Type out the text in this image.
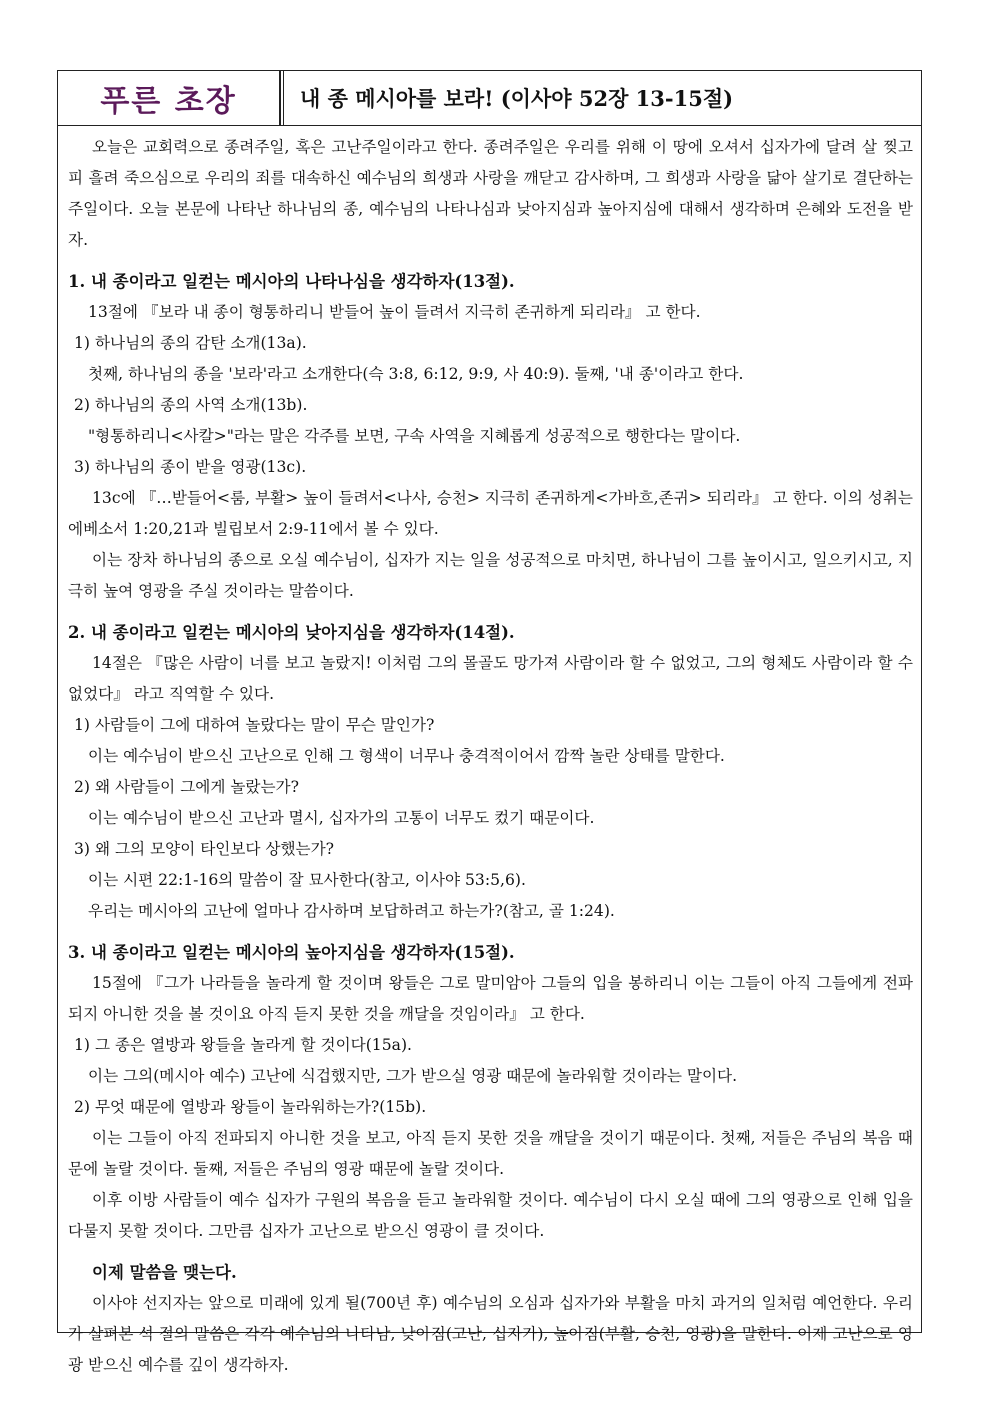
푸른 초장	내 종 메시아를 보라! (이사야 52장 13-15절)

오늘은 교회력으로 종려주일, 혹은 고난주일이라고 한다. 종려주일은 우리를 위해 이 땅에 오셔서 십자가에 달려 살 찢고 피 흘려 죽으심으로 우리의 죄를 대속하신 예수님의 희생과 사랑을 깨닫고 감사하며, 그 희생과 사랑을 닮아 살기로 결단하는 주일이다. 오늘 본문에 나타난 하나님의 종, 예수님의 나타나심과 낮아지심과 높아지심에 대해서 생각하며 은혜와 도전을 받자.

1. 내 종이라고 일컫는 메시아의 나타나심을 생각하자(13절).

13절에 『보라 내 종이 형통하리니 받들어 높이 들려서 지극히 존귀하게 되리라』 고 한다.

1) 하나님의 종의 감탄 소개(13a).

첫째, 하나님의 종을 '보라'라고 소개한다(슥 3:8, 6:12, 9:9, 사 40:9). 둘째, '내 종'이라고 한다.

2) 하나님의 종의 사역 소개(13b).

"형통하리니<사칼>"라는 말은 각주를 보면, 구속 사역을 지혜롭게 성공적으로 행한다는 말이다.

3) 하나님의 종이 받을 영광(13c).

13c에 『…받들어<룸, 부활> 높이 들려서<나사, 승천> 지극히 존귀하게<가바흐,존귀> 되리라』 고 한다. 이의 성취는 에베소서 1:20,21과 빌립보서 2:9-11에서 볼 수 있다.

이는 장차 하나님의 종으로 오실 예수님이, 십자가 지는 일을 성공적으로 마치면, 하나님이 그를 높이시고, 일으키시고, 지극히 높여 영광을 주실 것이라는 말씀이다.

2. 내 종이라고 일컫는 메시아의 낮아지심을 생각하자(14절).

14절은 『많은 사람이 너를 보고 놀랐지! 이처럼 그의 몰골도 망가져 사람이라 할 수 없었고, 그의 형체도 사람이라 할 수 없었다』 라고 직역할 수 있다.

1) 사람들이 그에 대하여 놀랐다는 말이 무슨 말인가?

이는 예수님이 받으신 고난으로 인해 그 형색이 너무나 충격적이어서 깜짝 놀란 상태를 말한다.

2) 왜 사람들이 그에게 놀랐는가?

이는 예수님이 받으신 고난과 멸시, 십자가의 고통이 너무도 컸기 때문이다.

3) 왜 그의 모양이 타인보다 상했는가?

이는 시편 22:1-16의 말씀이 잘 묘사한다(참고, 이사야 53:5,6).

우리는 메시아의 고난에 얼마나 감사하며 보답하려고 하는가?(참고, 골 1:24).

3. 내 종이라고 일컫는 메시아의 높아지심을 생각하자(15절).

15절에 『그가 나라들을 놀라게 할 것이며 왕들은 그로 말미암아 그들의 입을 봉하리니 이는 그들이 아직 그들에게 전파되지 아니한 것을 볼 것이요 아직 듣지 못한 것을 깨달을 것임이라』 고 한다.

1) 그 종은 열방과 왕들을 놀라게 할 것이다(15a).

이는 그의(메시아 예수) 고난에 식겁했지만, 그가 받으실 영광 때문에 놀라워할 것이라는 말이다.

2) 무엇 때문에 열방과 왕들이 놀라워하는가?(15b).

이는 그들이 아직 전파되지 아니한 것을 보고, 아직 듣지 못한 것을 깨달을 것이기 때문이다. 첫째, 저들은 주님의 복음 때문에 놀랄 것이다. 둘째, 저들은 주님의 영광 때문에 놀랄 것이다.

이후 이방 사람들이 예수 십자가 구원의 복음을 듣고 놀라워할 것이다. 예수님이 다시 오실 때에 그의 영광으로 인해 입을 다물지 못할 것이다. 그만큼 십자가 고난으로 받으신 영광이 클 것이다.

이제 말씀을 맺는다.

이사야 선지자는 앞으로 미래에 있게 될(700년 후) 예수님의 오심과 십자가와 부활을 마치 과거의 일처럼 예언한다. 우리가 살펴본 석 절의 말씀은 각각 예수님의 나타남, 낮아짐(고난, 십자가), 높아짐(부활, 승천, 영광)을 말한다. 이제 고난으로 영광 받으신 예수를 깊이 생각하자.
